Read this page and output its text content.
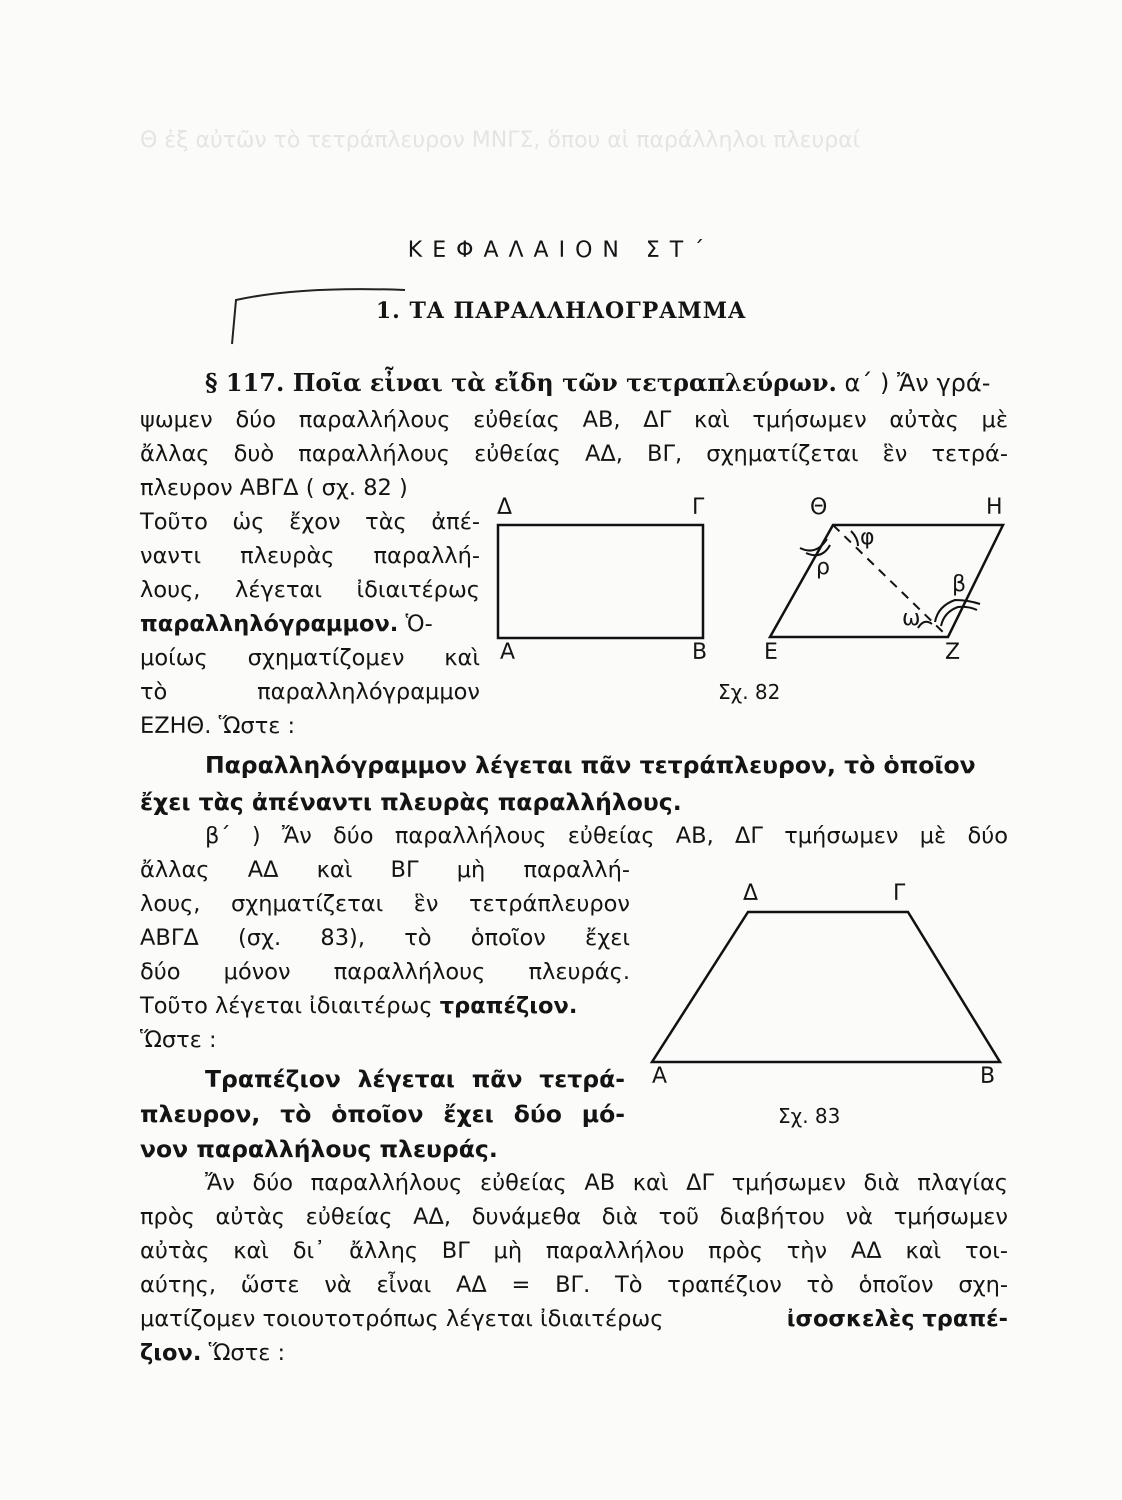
Θ ἐξ αὐτῶν τὸ τετράπλευρον ΜΝΓΣ, ὅπου αἱ παράλληλοι πλευραί
ΚΕΦΑΛΑΙΟΝ ΣΤ΄
1. ΤΑ ΠΑΡΑΛΛΗΛΟΓΡΑΜΜΑ
§ 117. Ποῖα εἶναι τὰ εἴδη τῶν τετραπλεύρων. α΄ ) Ἄν γρά-
ψωμεν δύο παραλλήλους εὐθείας ΑΒ, ΔΓ καὶ τμήσωμεν αὐτὰς μὲ
ἄλλας δυὸ παραλλήλους εὐθείας ΑΔ, ΒΓ, σχηματίζεται ἓν τετρά-
πλευρον ΑΒΓΔ ( σχ. 82 )
Τοῦτο ὡς ἔχον τὰς ἀπέ-
ναντι πλευρὰς παραλλή-
λους, λέγεται ἰδιαιτέρως
παραλληλόγραμμον. Ὁ-
μοίως σχηματίζομεν καὶ
τὸ παραλληλόγραμμον
ΕΖΗΘ. Ὥστε :
Δ	Γ
Α	Β
Θ	Η
Ε	Ζ
φ
ρ
β
ω
Σχ. 82
Παραλληλόγραμμον λέγεται πᾶν τετράπλευρον, τὸ ὁποῖον
ἔχει τὰς ἀπέναντι πλευρὰς παραλλήλους.
β΄ ) Ἄν δύο παραλλήλους εὐθείας ΑΒ, ΔΓ τμήσωμεν μὲ δύο
ἄλλας ΑΔ καὶ ΒΓ μὴ παραλλή-
λους, σχηματίζεται ἓν τετράπλευρον
ΑΒΓΔ (σχ. 83), τὸ ὁποῖον ἔχει
δύο μόνον παραλλήλους πλευράς.
Τοῦτο λέγεται ἰδιαιτέρως τραπέζιον.
Ὥστε :
Δ	Γ
Α	Β
Σχ. 83
Τραπέζιον λέγεται πᾶν τετρά-
πλευρον, τὸ ὁποῖον ἔχει δύο μό-
νον παραλλήλους πλευράς.
Ἄν δύο παραλλήλους εὐθείας ΑΒ καὶ ΔΓ τμήσωμεν διὰ πλαγίας
πρὸς αὐτὰς εὐθείας ΑΔ, δυνάμεθα διὰ τοῦ διαβήτου νὰ τμήσωμεν
αὐτὰς καὶ δι᾿ ἄλλης ΒΓ μὴ παραλλήλου πρὸς τὴν ΑΔ καὶ τοι-
αύτης, ὥστε νὰ εἶναι ΑΔ = ΒΓ. Τὸ τραπέζιον τὸ ὁποῖον σχη-
ματίζομεν τοιουτοτρόπως λέγεται ἰδιαιτέρως	ἰσοσκελὲς τραπέ-
ζιον. Ὥστε :
